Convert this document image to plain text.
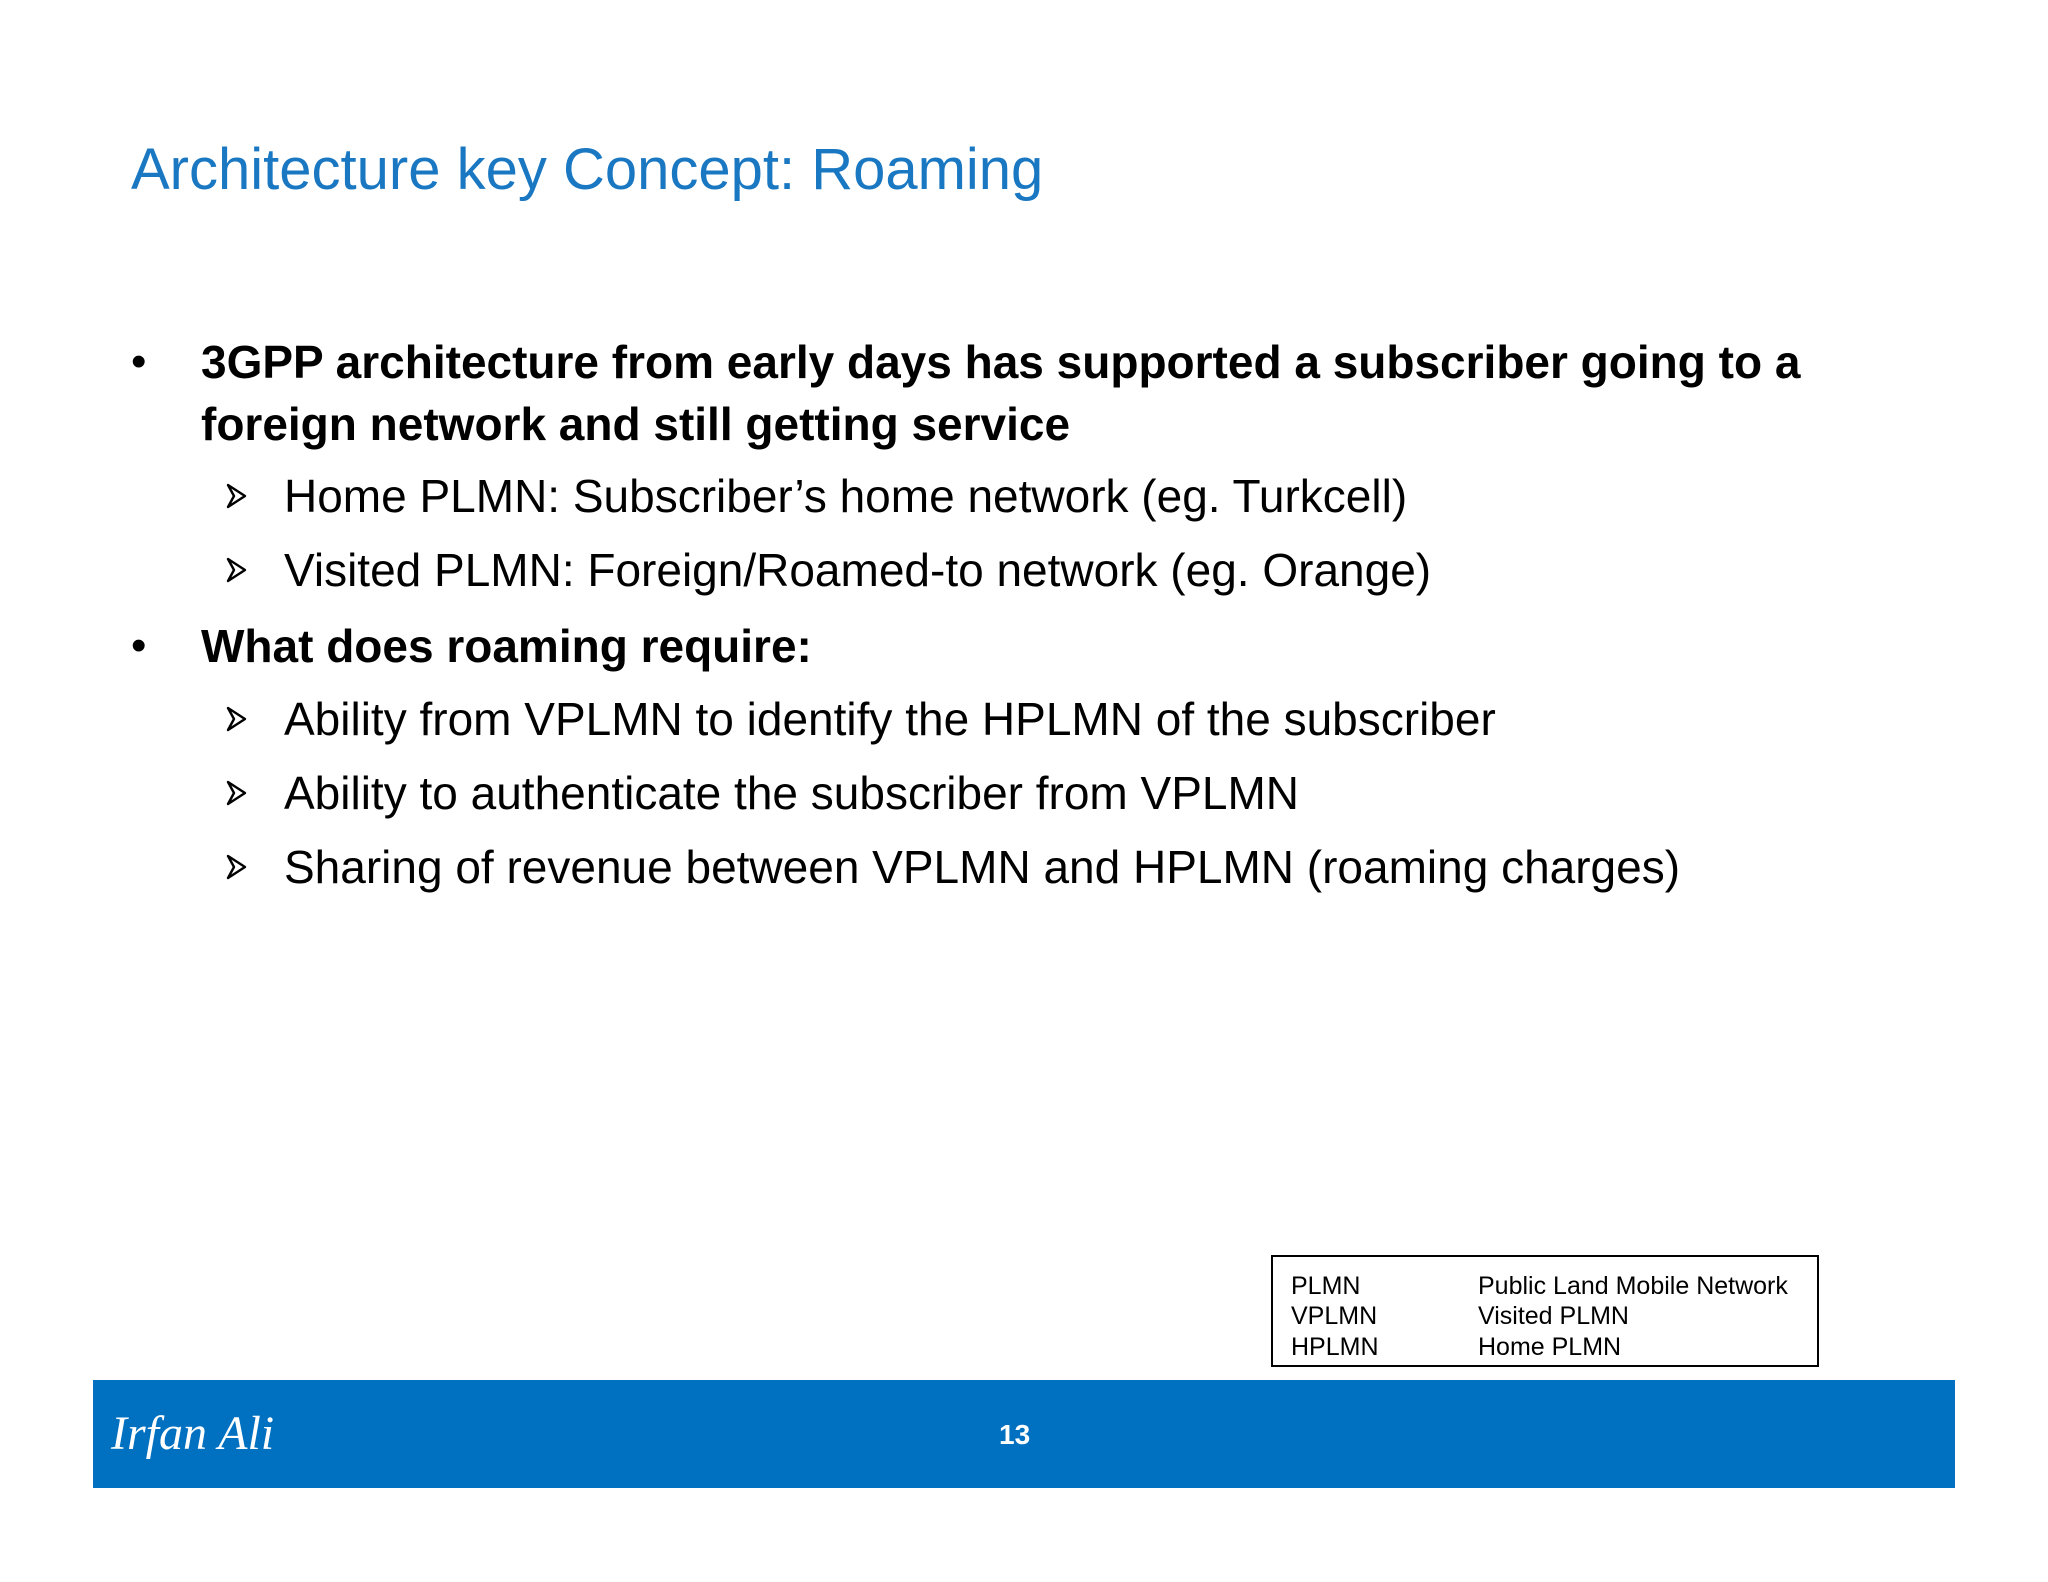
Architecture key Concept: Roaming
• 3GPP architecture from early days has supported a subscriber going to a foreign network and still getting service
Home PLMN: Subscriber’s home network (eg. Turkcell)
Visited PLMN: Foreign/Roamed-to network (eg. Orange)
• What does roaming require:
Ability from VPLMN to identify the HPLMN of the subscriber
Ability to authenticate the subscriber from VPLMN
Sharing of revenue between VPLMN and HPLMN (roaming charges)
PLMN	Public Land Mobile Network
VPLMN	Visited PLMN
HPLMN	Home PLMN
Irfan Ali	13
